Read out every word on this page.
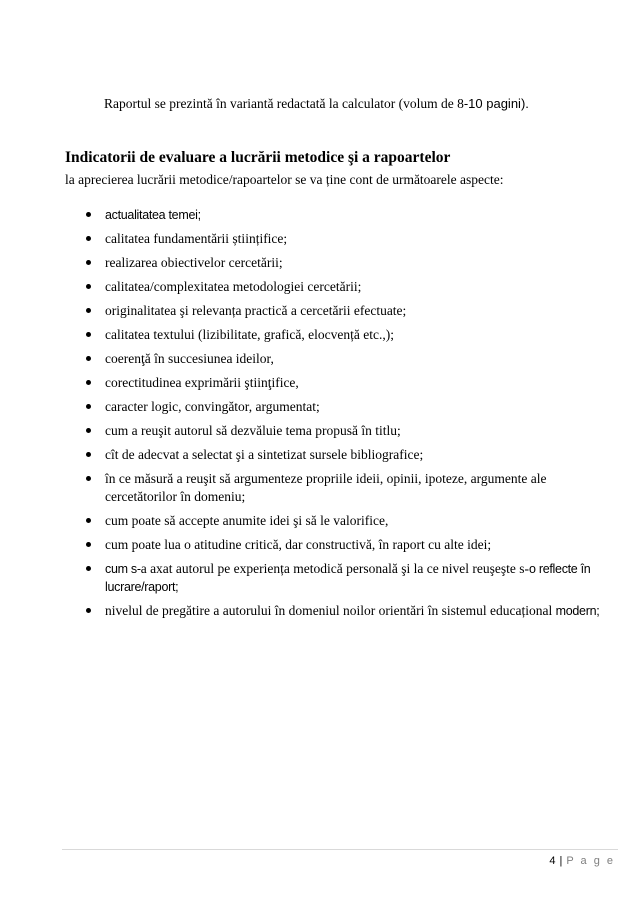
Raportul se prezintă în variantă redactată la calculator (volum de 8-10 pagini).
Indicatorii de evaluare a lucrării metodice şi a rapoartelor
la aprecierea lucrării metodice/rapoartelor se va ține cont de următoarele aspecte:
actualitatea temei;
calitatea fundamentării științifice;
realizarea obiectivelor cercetării;
calitatea/complexitatea metodologiei cercetării;
originalitatea şi relevanța practică a cercetării efectuate;
calitatea textului (lizibilitate, grafică, elocvență etc.,);
coerenţă în succesiunea ideilor,
corectitudinea exprimării ştiinţifice,
caracter logic, convingător, argumentat;
cum a reuşit autorul să dezvăluie tema propusă în titlu;
cît de adecvat a selectat şi a sintetizat sursele bibliografice;
în ce măsură a reuşit să argumenteze propriile ideii, opinii, ipoteze, argumente ale cercetătorilor în domeniu;
cum poate să accepte anumite idei şi să le valorifice,
cum poate lua o atitudine critică, dar constructivă, în raport cu alte idei;
cum s-a axat autorul pe experiența metodică personală şi la ce nivel reuşeşte s-o reflecte în lucrare/raport;
nivelul de pregătire a autorului în domeniul noilor orientări în sistemul educațional modern;
4 | P a g e
